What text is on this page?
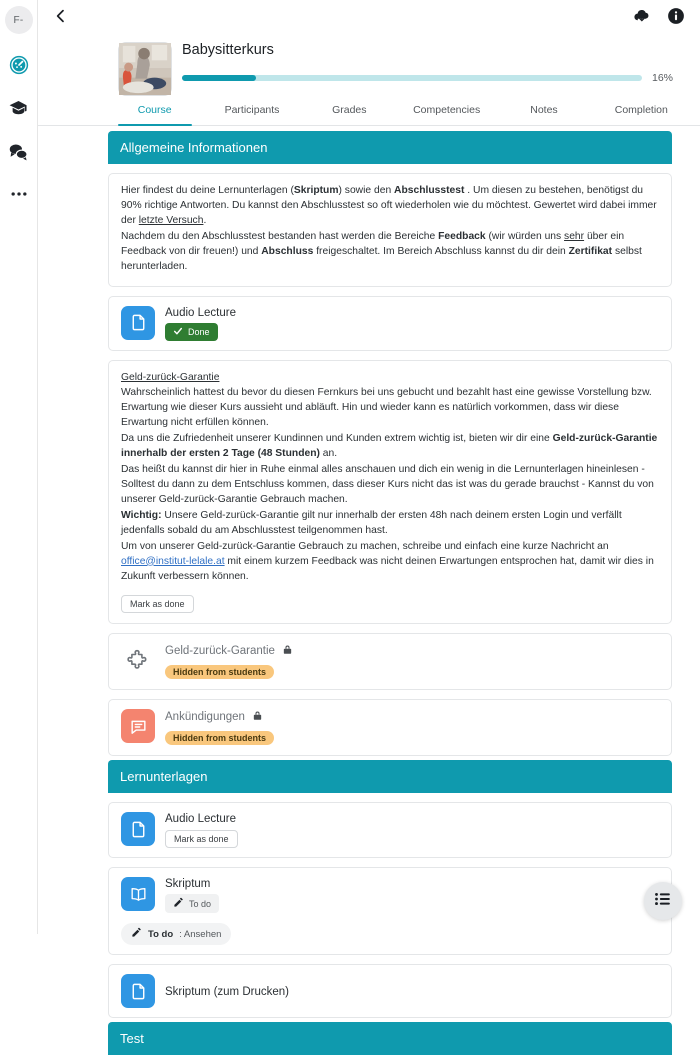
F-
Babysitterkurs
16%
Course	Participants	Grades	Competencies	Notes	Completion
Allgemeine Informationen

Hier findest du deine Lernunterlagen (Skriptum) sowie den Abschlusstest . Um diesen zu bestehen, benötigst du 90% richtige Antworten. Du kannst den Abschlusstest so oft wiederholen wie du möchtest. Gewertet wird dabei immer der letzte Versuch.

Nachdem du den Abschlusstest bestanden hast werden die Bereiche Feedback (wir würden uns sehr über ein Feedback von dir freuen!) und Abschluss freigeschaltet. Im Bereich Abschluss kannst du dir dein Zertifikat selbst herunterladen.

Audio Lecture
Done

Geld-zurück-Garantie

Wahrscheinlich hattest du bevor du diesen Fernkurs bei uns gebucht und bezahlt hast eine gewisse Vorstellung bzw. Erwartung wie dieser Kurs aussieht und abläuft. Hin und wieder kann es natürlich vorkommen, dass wir diese Erwartung nicht erfüllen können.

Da uns die Zufriedenheit unserer Kundinnen und Kunden extrem wichtig ist, bieten wir dir eine Geld-zurück-Garantie innerhalb der ersten 2 Tage (48 Stunden) an.

Das heißt du kannst dir hier in Ruhe einmal alles anschauen und dich ein wenig in die Lernunterlagen hineinlesen - Solltest du dann zu dem Entschluss kommen, dass dieser Kurs nicht das ist was du gerade brauchst - Kannst du von unserer Geld-zurück-Garantie Gebrauch machen.

Wichtig: Unsere Geld-zurück-Garantie gilt nur innerhalb der ersten 48h nach deinem ersten Login und verfällt jedenfalls sobald du am Abschlusstest teilgenommen hast.

Um von unserer Geld-zurück-Garantie Gebrauch zu machen, schreibe und einfach eine kurze Nachricht an office@institut-lelale.at mit einem kurzem Feedback was nicht deinen Erwartungen entsprochen hat, damit wir dies in Zukunft verbessern können.

Mark as done
Geld-zurück-Garantie
Hidden from students
Ankündigungen
Hidden from students
Lernunterlagen
Audio Lecture
Mark as done
Skriptum
To do
To do : Ansehen
Skriptum (zum Drucken)
Test
